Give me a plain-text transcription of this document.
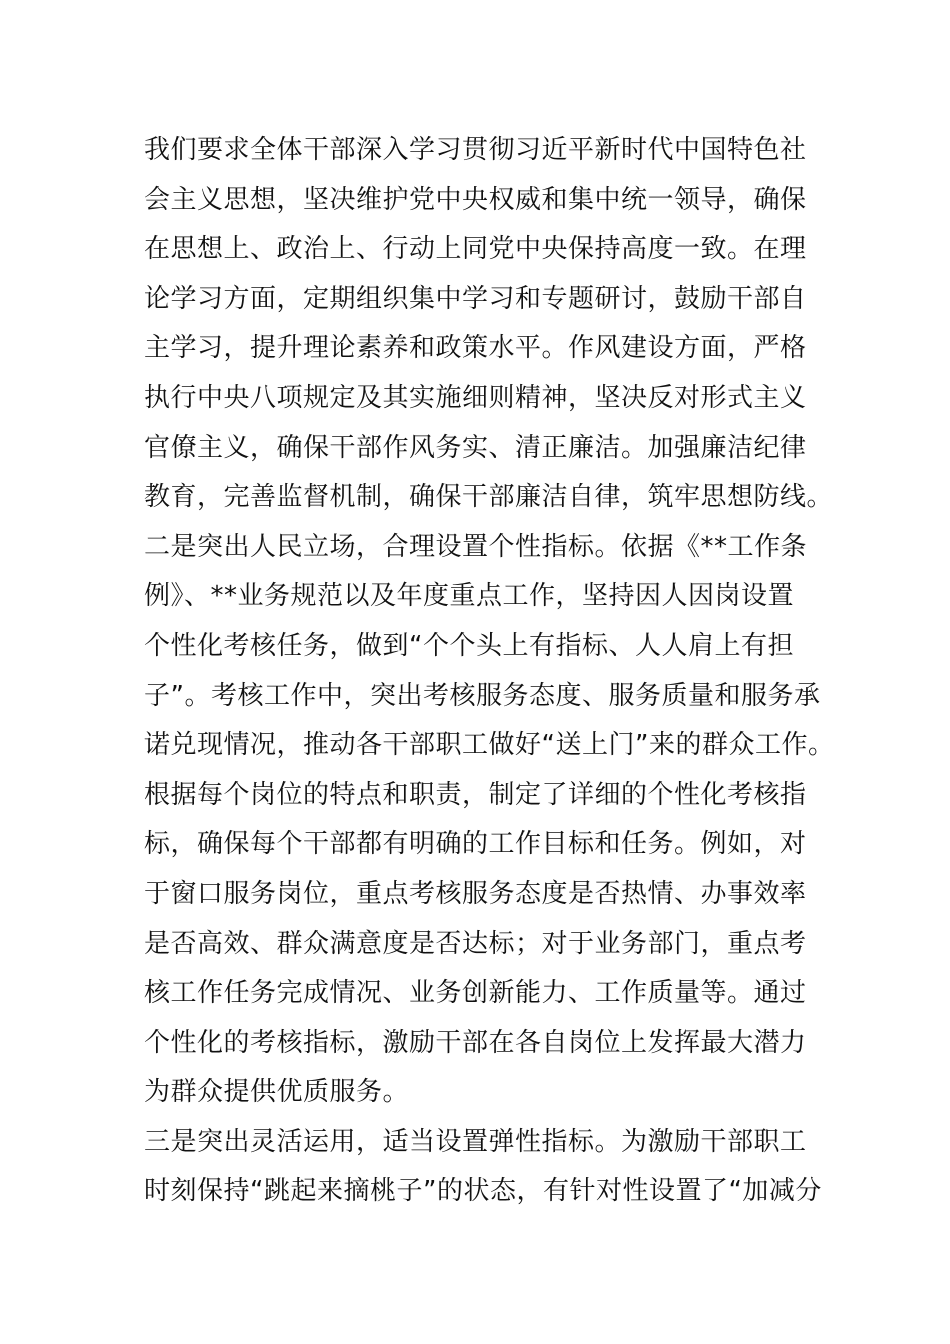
我们要求全体干部深入学习贯彻习近平新时代中国特色社
会主义思想，坚决维护党中央权威和集中统一领导，确保
在思想上、政治上、行动上同党中央保持高度一致。在理
论学习方面，定期组织集中学习和专题研讨，鼓励干部自
主学习，提升理论素养和政策水平。作风建设方面，严格
执行中央八项规定及其实施细则精神，坚决反对形式主义
官僚主义，确保干部作风务实、清正廉洁。加强廉洁纪律
教育，完善监督机制，确保干部廉洁自律，筑牢思想防线。
二是突出人民立场，合理设置个性指标。依据《**工作条
例》、**业务规范以及年度重点工作，坚持因人因岗设置
个性化考核任务，做到“个个头上有指标、人人肩上有担
子”。考核工作中，突出考核服务态度、服务质量和服务承
诺兑现情况，推动各干部职工做好“送上门”来的群众工作。
根据每个岗位的特点和职责，制定了详细的个性化考核指
标，确保每个干部都有明确的工作目标和任务。例如，对
于窗口服务岗位，重点考核服务态度是否热情、办事效率
是否高效、群众满意度是否达标；对于业务部门，重点考
核工作任务完成情况、业务创新能力、工作质量等。通过
个性化的考核指标，激励干部在各自岗位上发挥最大潜力
为群众提供优质服务。
三是突出灵活运用，适当设置弹性指标。为激励干部职工
时刻保持“跳起来摘桃子”的状态，有针对性设置了“加减分
